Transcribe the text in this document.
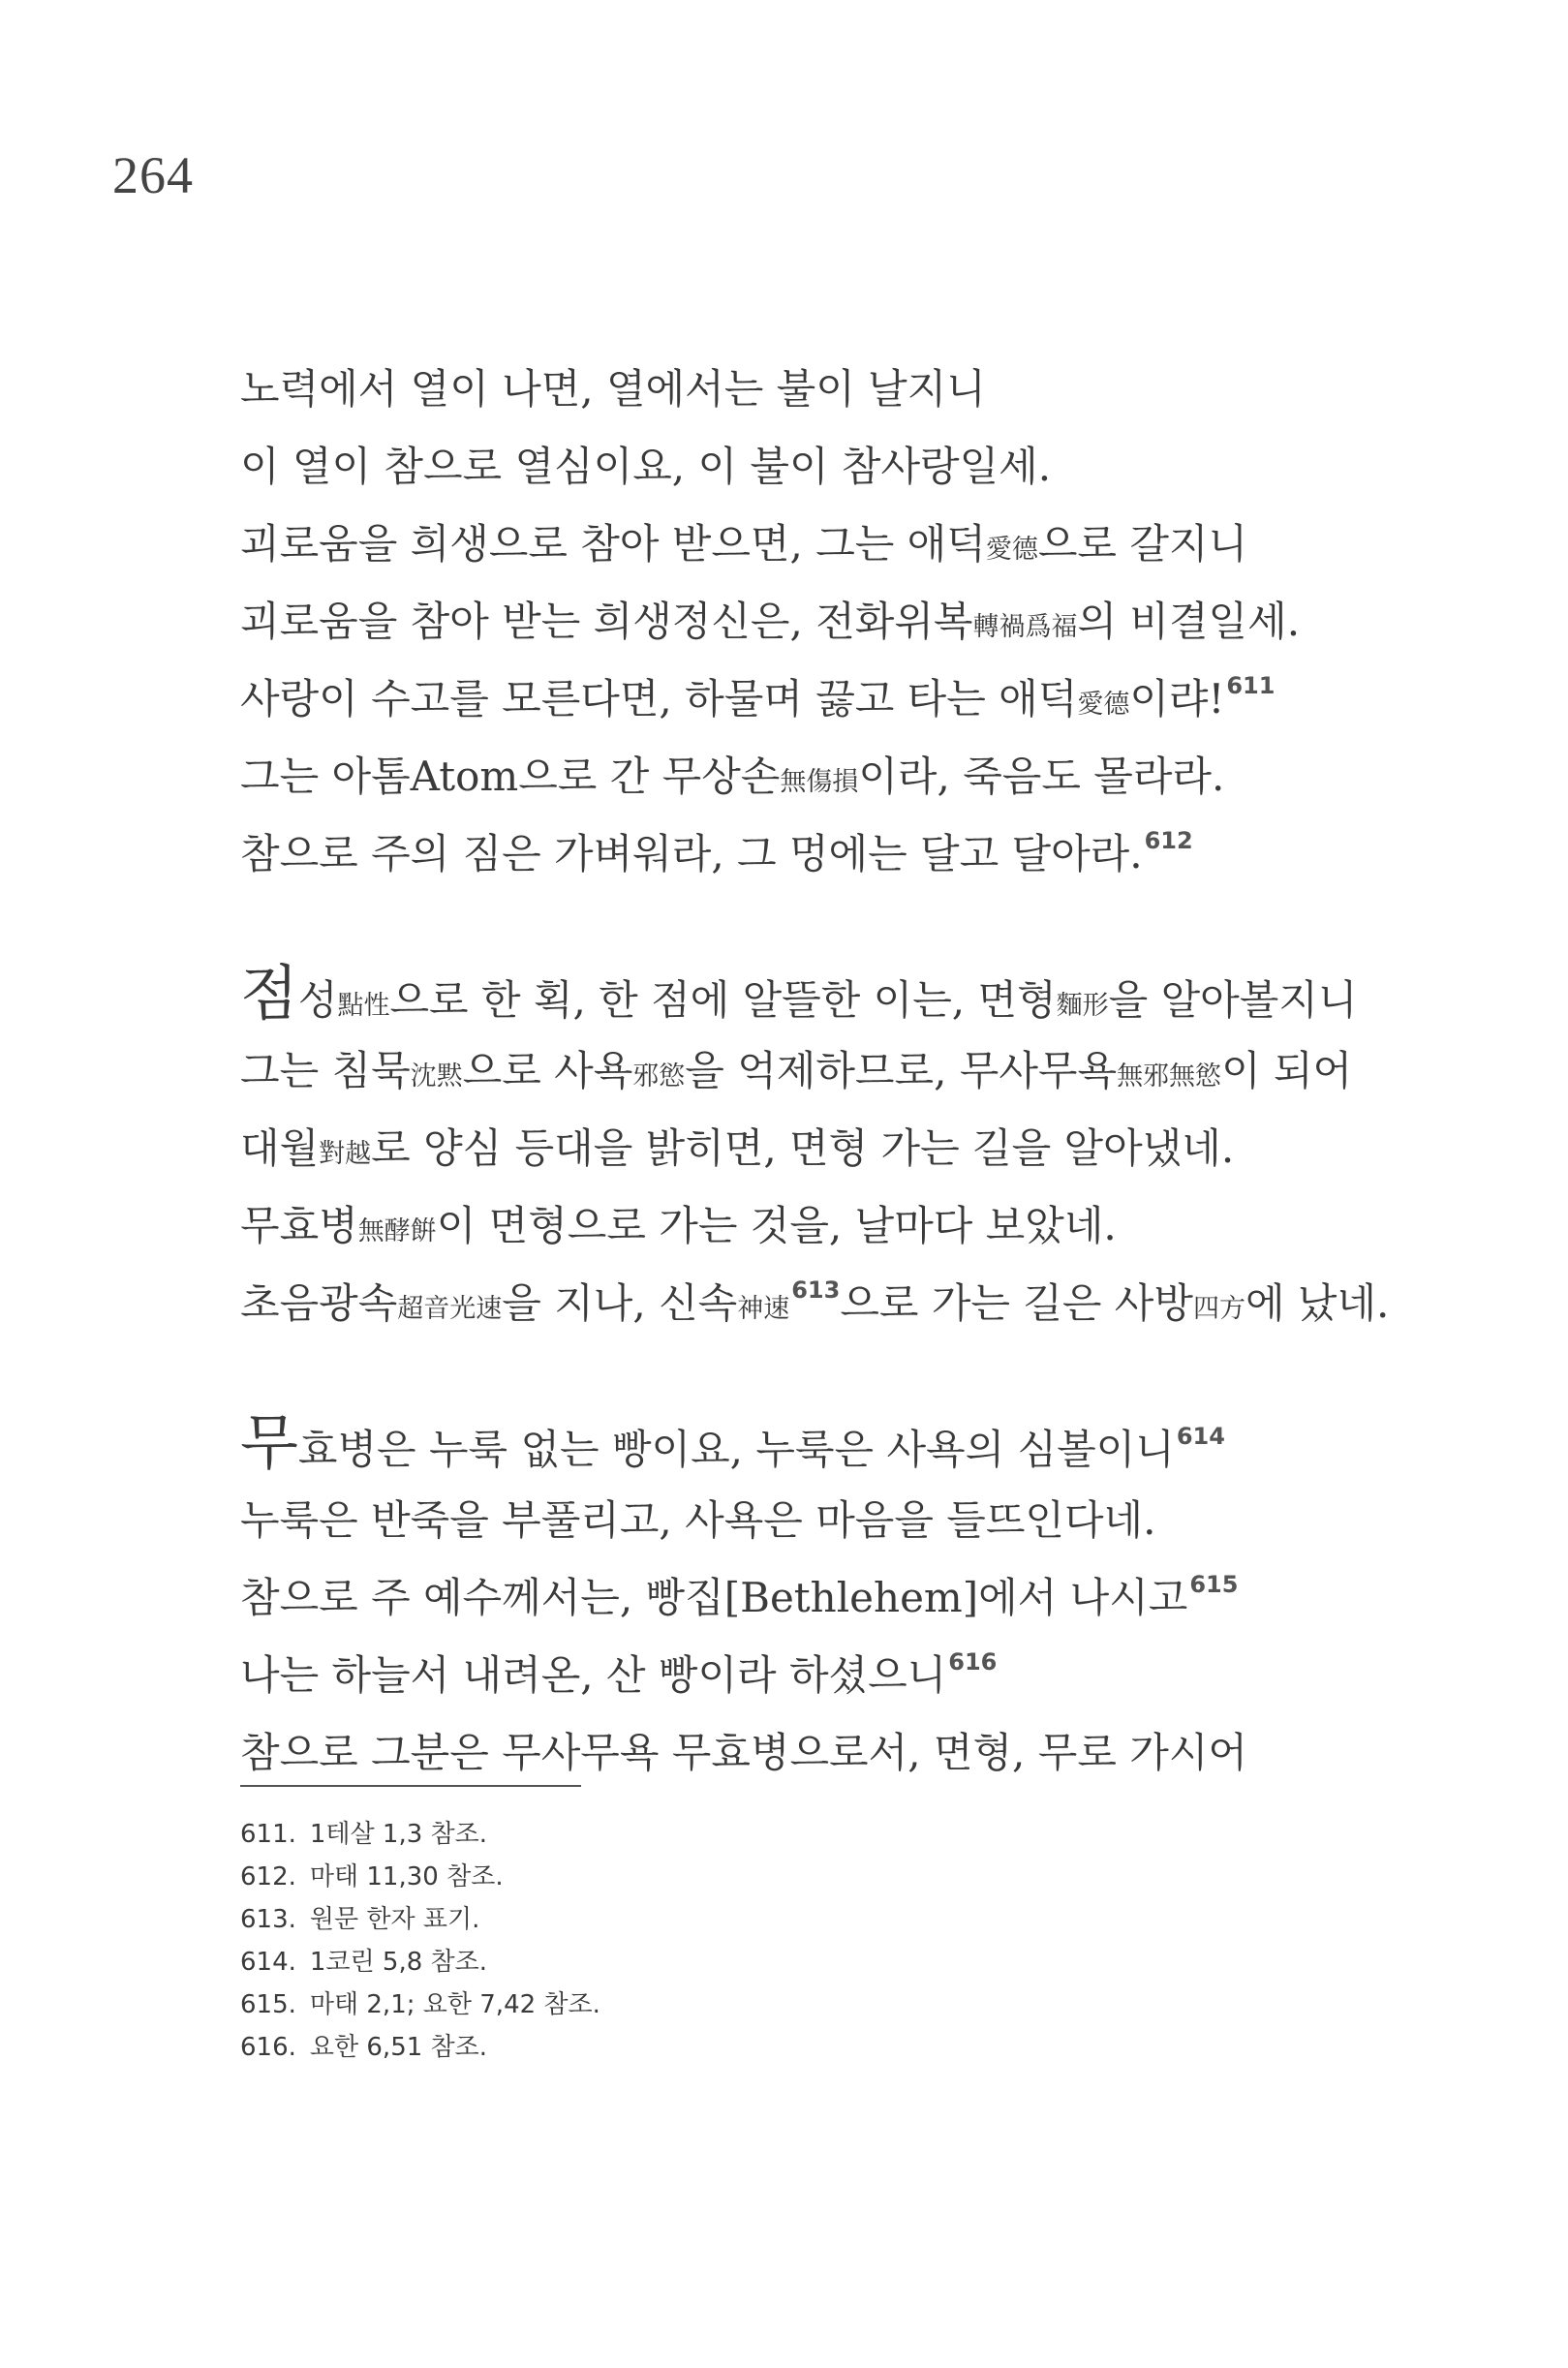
264
노력에서 열이 나면, 열에서는 불이 날지니
이 열이 참으로 열심이요, 이 불이 참사랑일세.
괴로움을 희생으로 참아 받으면, 그는 애덕愛德으로 갈지니
괴로움을 참아 받는 희생정신은, 전화위복轉禍爲福의 비결일세.
사랑이 수고를 모른다면, 하물며 끓고 타는 애덕愛德이랴!$^{611}$
그는 아톰Atom으로 간 무상손無傷損이라, 죽음도 몰라라.
참으로 주의 짐은 가벼워라, 그 멍에는 달고 달아라.$^{612}$
점성點性으로 한 획, 한 점에 알뜰한 이는, 면형麵形을 알아볼지니
그는 침묵沈黙으로 사욕邪慾을 억제하므로, 무사무욕無邪無慾이 되어
대월對越로 양심 등대을 밝히면, 면형 가는 길을 알아냈네.
무효병無酵餠이 면형으로 가는 것을, 날마다 보았네.
초음광속超音光速을 지나, 신속神速$^{613}$으로 가는 길은 사방四方에 났네.
무효병은 누룩 없는 빵이요, 누룩은 사욕의 심볼이니$^{614}$
누룩은 반죽을 부풀리고, 사욕은 마음을 들뜨인다네.
참으로 주 예수께서는, 빵집[Bethlehem]에서 나시고$^{615}$
나는 하늘서 내려온, 산 빵이라 하셨으니$^{616}$
참으로 그분은 무사무욕 무효병으로서, 면형, 무로 가시어
611. 1테살 1,3 참조.
612. 마태 11,30 참조.
613. 원문 한자 표기.
614. 1코린 5,8 참조.
615. 마태 2,1; 요한 7,42 참조.
616. 요한 6,51 참조.
